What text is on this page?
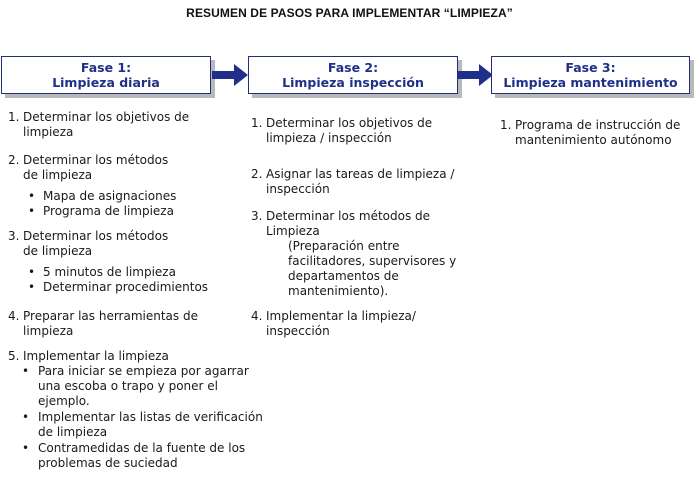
RESUMEN DE PASOS PARA IMPLEMENTAR “LIMPIEZA”
Fase 1:
Limpieza diaria
Fase 2:
Limpieza inspección
Fase 3:
Limpieza mantenimiento
1. Determinar los objetivos de
limpieza
2. Determinar los métodos
de limpieza
• Mapa de asignaciones
• Programa de limpieza
3. Determinar los métodos
de limpieza
• 5 minutos de limpieza
• Determinar procedimientos
4. Preparar las herramientas de
limpieza
5. Implementar la limpieza
• Para iniciar se empieza por agarrar
una escoba o trapo y poner el
ejemplo.
• Implementar las listas de verificación
de limpieza
• Contramedidas de la fuente de los
problemas de suciedad
1. Determinar los objetivos de
limpieza / inspección
2. Asignar las tareas de limpieza /
inspección
3. Determinar los métodos de
Limpieza
(Preparación entre
facilitadores, supervisores y
departamentos de
mantenimiento).
4. Implementar la limpieza/
inspección
1. Programa de instrucción de
mantenimiento autónomo
